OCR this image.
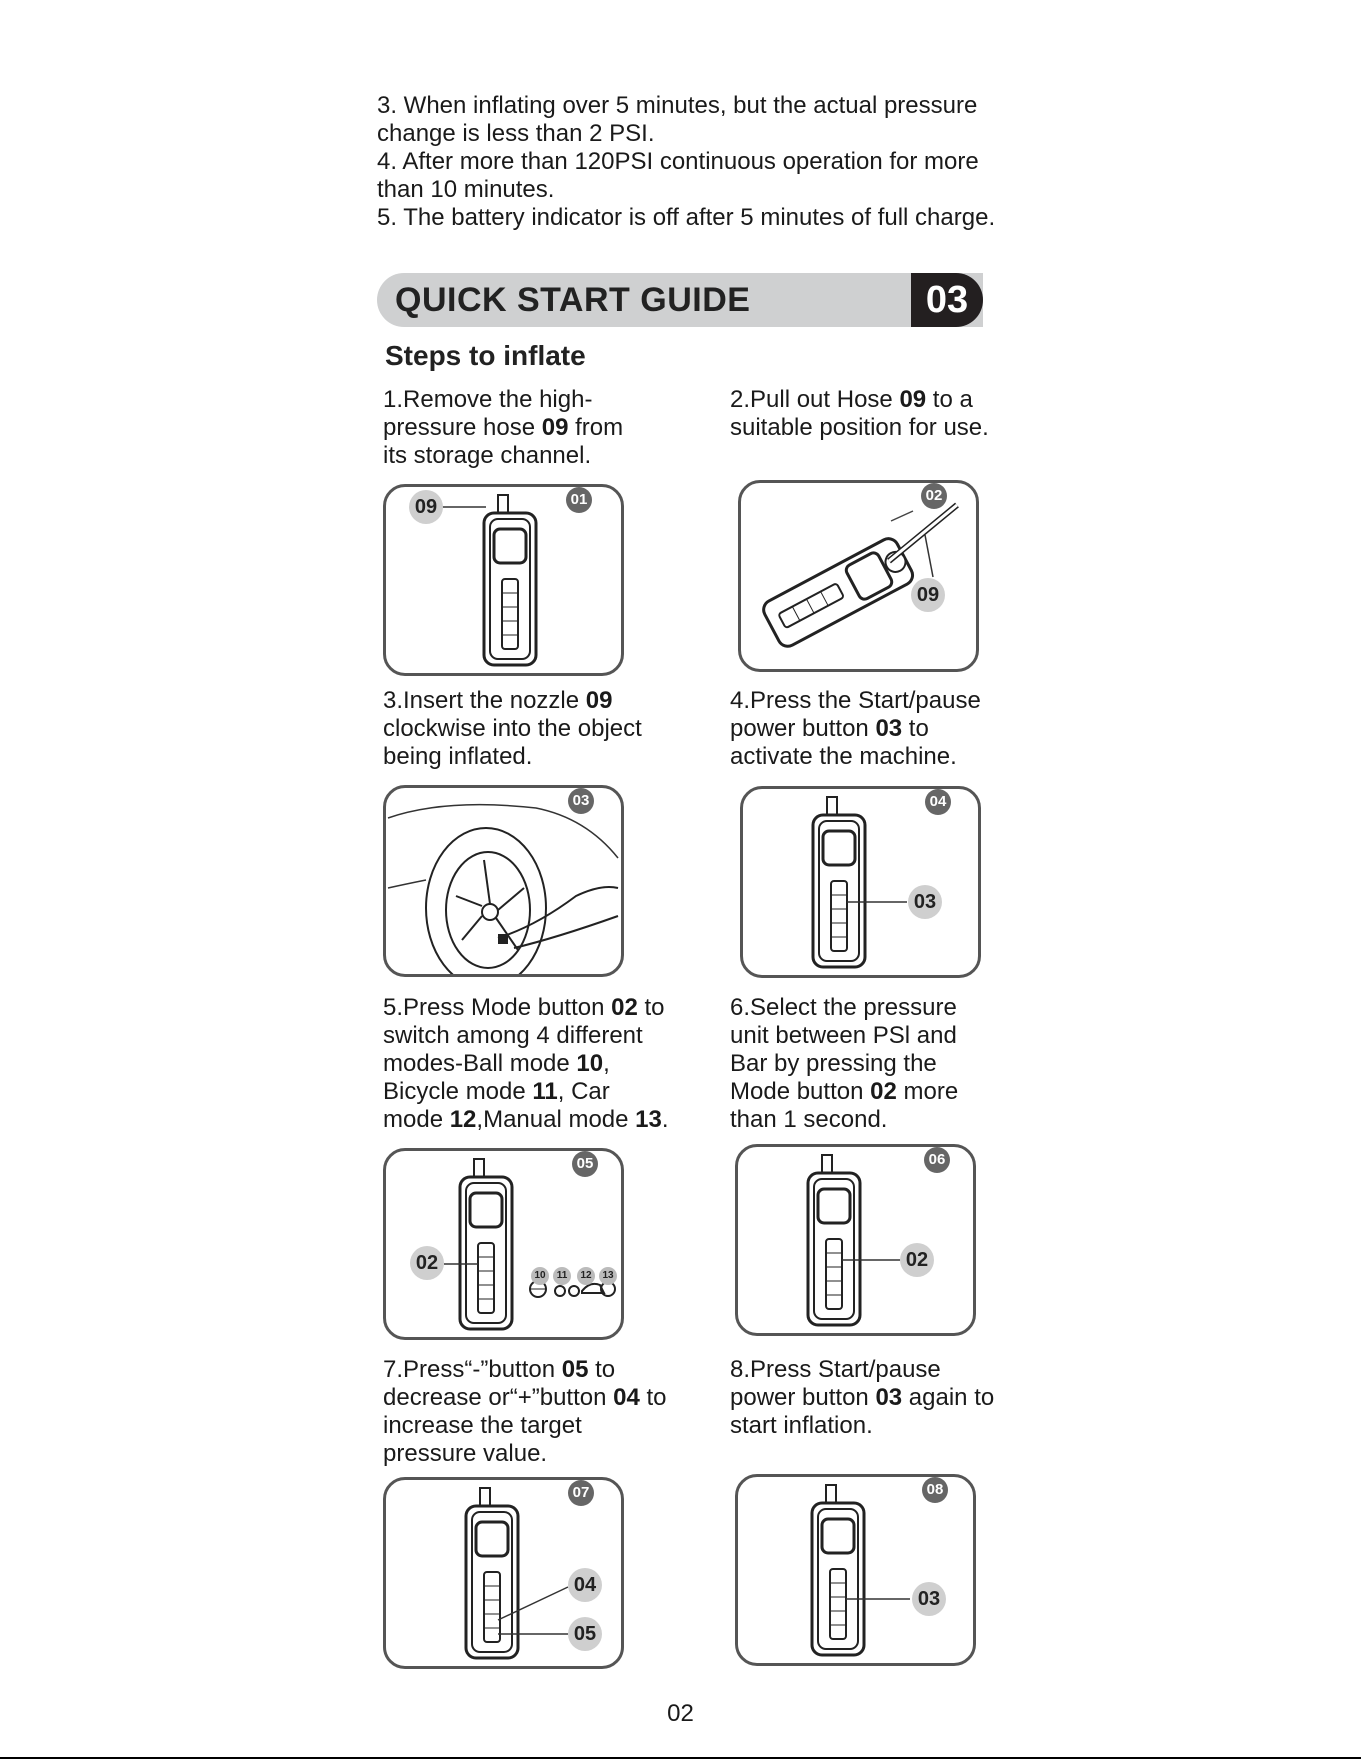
3. When inflating over 5 minutes, but the actual pressure change is less than 2 PSI.

4. After more than 120PSI continuous operation for more than 10 minutes.

5. The battery indicator is off after 5 minutes of full charge.

QUICK START GUIDE	03
Steps to inflate
1.Remove the high-pressure hose 09 from its storage channel.
09	01
2.Pull out Hose 09 to a suitable position for use.
09
02
3.Insert the nozzle 09 clockwise into the object being inflated.
03
4.Press the Start/pause power button 03 to activate the machine.
03
04
5.Press Mode button 02 to switch among 4 different modes-Ball mode 10, Bicycle mode 11, Car mode 12,Manual mode 13.
02
05
10	11	12	13
6.Select the pressure unit between PSl and Bar by pressing the Mode button 02 more than 1 second.
02
06
7.Press“-”button 05 to decrease or“+”button 04 to increase the target pressure value.
04
05
07
8.Press Start/pause power button 03 again to start inflation.
03
08
02
